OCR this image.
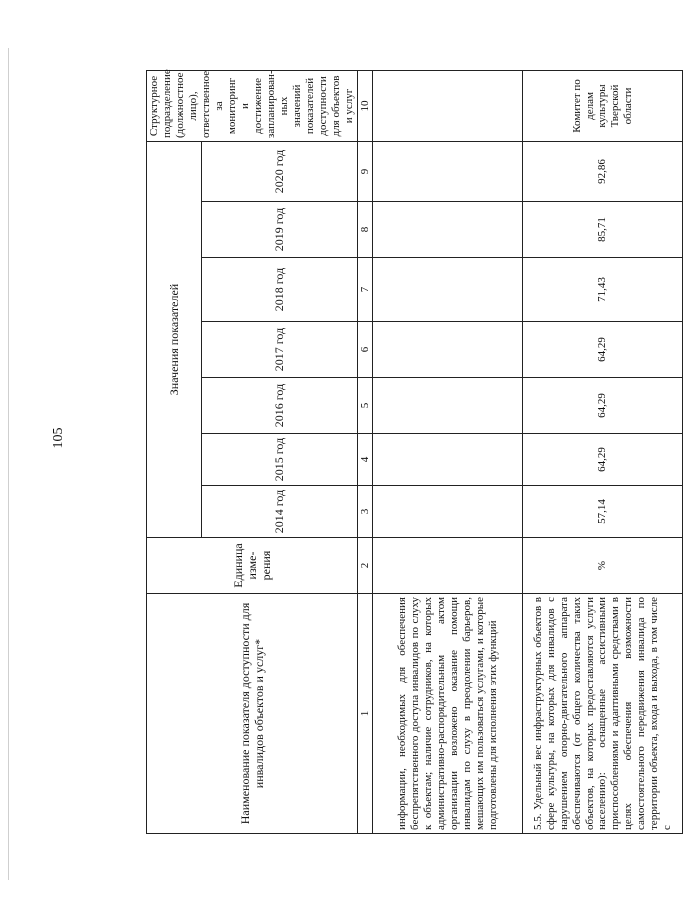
105
Наименование показателя доступности для инвалидов объектов и услуг*	Единица изме-рения	Значения показателей							Структурное подразделение (должностное лицо), ответственное за мониторинг и достижение запланирован-ных значений показателей доступности для объектов и услуг
		2014 год	2015 год	2016 год	2017 год	2018 год	2019 год	2020 год	
1	2	3	4	5	6	7	8	9	10
информации, необходимых для обеспечения беспрепятственного доступа инвалидов по слуху к объектам; наличие сотрудников, на которых административно-распорядительным актом организации возложено оказание помощи инвалидам по слуху в преодолении барьеров, мешающих им пользоваться услугами, и которые подготовлены для исполнения этих функций									
5.5. Удельный вес инфраструктурных объектов в сфере культуры, на которых для инвалидов с нарушением опорно-двигательного аппарата обеспечиваются (от общего количества таких объектов, на которых предоставляются услуги населению): оснащенные ассистивными приспособлениями и адаптивными средствами в целях обеспечения возможности самостоятельного передвижения инвалида по территории объекта, входа и выхода, в том числе с	%	57,14	64,29	64,29	64,29	71,43	85,71	92,86	Комитет по делам культуры Тверской области
